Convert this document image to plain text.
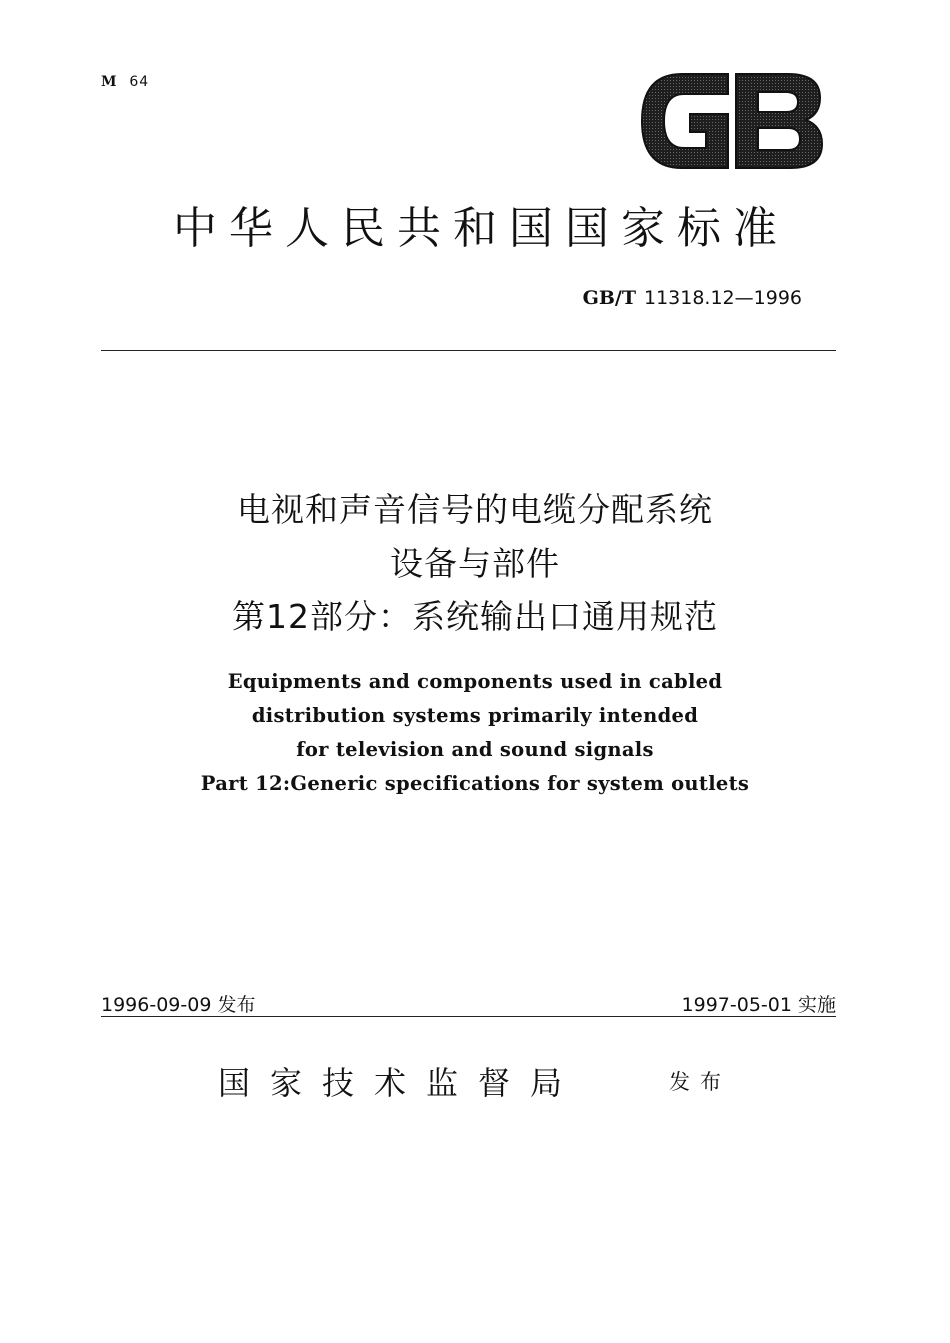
M 64
中华人民共和国国家标准
GB/T 11318.12—1996
电视和声音信号的电缆分配系统
设备与部件
第12部分：系统输出口通用规范
Equipments and components used in cabled
distribution systems primarily intended
for television and sound signals
Part 12:Generic specifications for system outlets
1996-09-09 发布	1997-05-01 实施
国家技术监督局	发布
